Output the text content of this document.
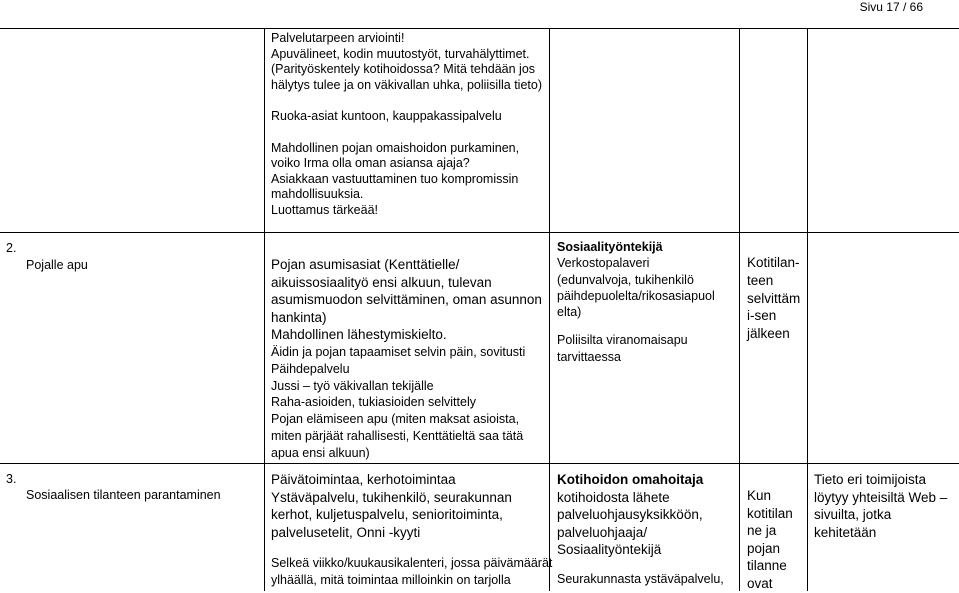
Sivu 17 / 66

Palvelutarpeen arviointi!

Apuvälineet, kodin muutostyöt, turvahälyttimet.

(Parityöskentely kotihoidossa? Mitä tehdään jos

hälytys tulee ja on väkivallan uhka, poliisilla tieto)

Ruoka-asiat kuntoon, kauppakassipalvelu

Mahdollinen pojan omaishoidon purkaminen,

voiko Irma olla oman asiansa ajaja?

Asiakkaan vastuuttaminen tuo kompromissin

mahdollisuuksia.

Luottamus tärkeää!

2.
Pojalle apu	Pojan asumisasiat (Kenttätielle/

aikuissosiaalityö ensi alkuun, tulevan

asumismuodon selvittäminen, oman asunnon

hankinta)

Mahdollinen lähestymiskielto.

Äidin ja pojan tapaamiset selvin päin, sovitusti

Päihdepalvelu

Jussi – työ väkivallan tekijälle

Raha-asioiden, tukiasioiden selvittely

Pojan elämiseen apu (miten maksat asioista,

miten pärjäät rahallisesti, Kenttätieltä saa tätä

apua ensi alkuun)

Sosiaalityöntekijä

Verkostopalaveri

(edunvalvoja, tukihenkilö

päihdepuolelta/rikosasiapuol

elta)

Poliisilta viranomaisapu

tarvittaessa

Kotitilan-

teen

selvittäm

i-sen

jälkeen

3.
Sosiaalisen tilanteen parantaminen

Päivätoimintaa, kerhotoimintaa

Ystäväpalvelu, tukihenkilö, seurakunnan

kerhot, kuljetuspalvelu, senioritoiminta,

palvelusetelit, Onni -kyyti

Selkeä viikko/kuukausikalenteri, jossa päivämäärät

ylhäällä, mitä toimintaa milloinkin on tarjolla

Kotihoidon omahoitaja

kotihoidosta lähete

palveluohjausyksikköön,

palveluohjaaja/

Sosiaalityöntekijä

Seurakunnasta ystäväpalvelu,

Kun

kotitilan

ne ja

pojan

tilanne

ovat

Tieto eri toimijoista

löytyy yhteisiltä Web –

sivuilta, jotka

kehitetään
